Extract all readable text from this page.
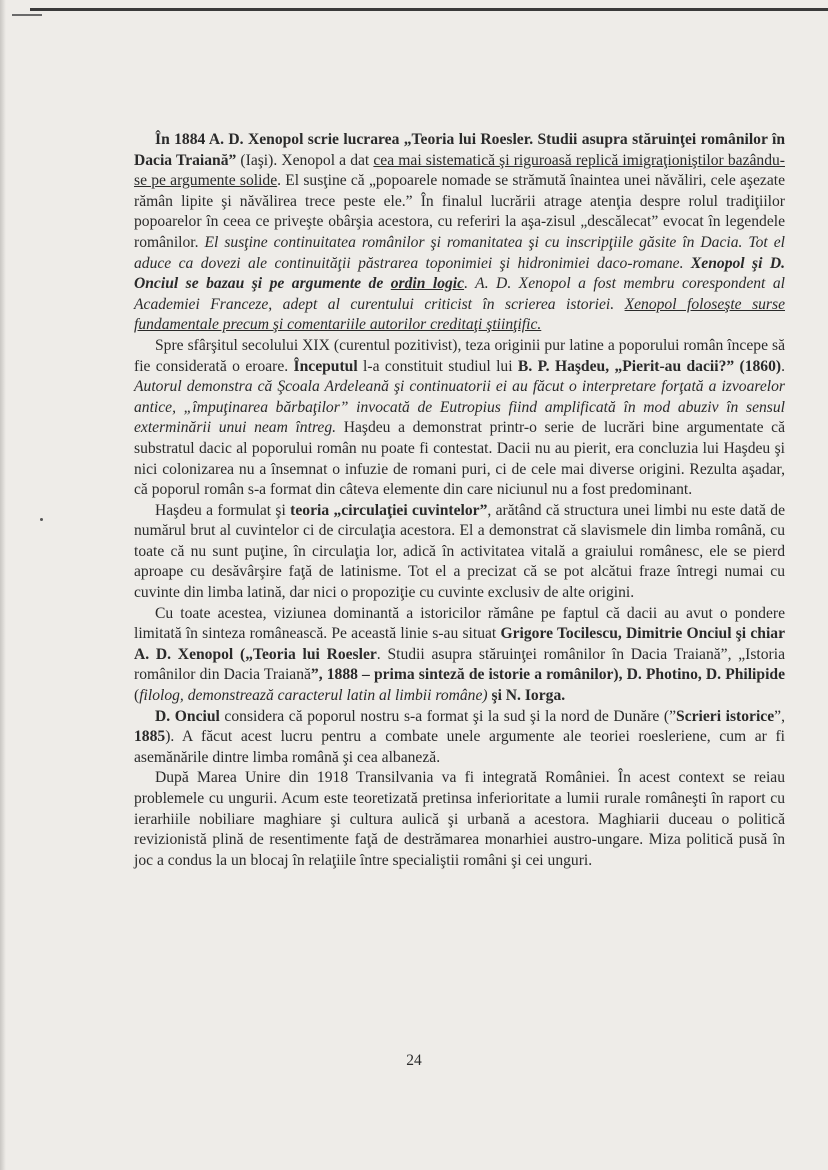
În 1884 A. D. Xenopol scrie lucrarea „Teoria lui Roesler. Studii asupra stăruinţei românilor în Dacia Traiană” (Iaşi). Xenopol a dat cea mai sistematică şi riguroasă replică imigraţioniştilor bazându-se pe argumente solide. El susţine că „popoarele nomade se strămută înaintea unei năvăliri, cele aşezate rămân lipite şi năvălirea trece peste ele.” În finalul lucrării atrage atenţia despre rolul tradiţiilor popoarelor în ceea ce priveşte obârşia acestora, cu referiri la aşa-zisul „descălecat” evocat în legendele românilor. El susţine continuitatea românilor şi romanitatea şi cu inscripţiile găsite în Dacia. Tot el aduce ca dovezi ale continuităţii păstrarea toponimiei şi hidronimiei daco-romane. Xenopol şi D. Onciul se bazau şi pe argumente de ordin logic. A. D. Xenopol a fost membru corespondent al Academiei Franceze, adept al curentului criticist în scrierea istoriei. Xenopol foloseşte surse fundamentale precum şi comentariile autorilor creditaţi ştiinţific.

Spre sfârşitul secolului XIX (curentul pozitivist), teza originii pur latine a poporului român începe să fie considerată o eroare. Începutul l-a constituit studiul lui B. P. Haşdeu, „Pierit-au dacii?” (1860). Autorul demonstra că Şcoala Ardeleană şi continuatorii ei au făcut o interpretare forţată a izvoarelor antice, „împuţinarea bărbaţilor” invocată de Eutropius fiind amplificată în mod abuziv în sensul exterminării unui neam întreg. Haşdeu a demonstrat printr-o serie de lucrări bine argumentate că substratul dacic al poporului român nu poate fi contestat. Dacii nu au pierit, era concluzia lui Haşdeu şi nici colonizarea nu a însemnat o infuzie de romani puri, ci de cele mai diverse origini. Rezulta aşadar, că poporul român s-a format din câteva elemente din care niciunul nu a fost predominant.

Haşdeu a formulat şi teoria „circulaţiei cuvintelor”, arătând că structura unei limbi nu este dată de numărul brut al cuvintelor ci de circulaţia acestora. El a demonstrat că slavismele din limba română, cu toate că nu sunt puţine, în circulaţia lor, adică în activitatea vitală a graiului românesc, ele se pierd aproape cu desăvârşire faţă de latinisme. Tot el a precizat că se pot alcătui fraze întregi numai cu cuvinte din limba latină, dar nici o propoziţie cu cuvinte exclusiv de alte origini.

Cu toate acestea, viziunea dominantă a istoricilor rămâne pe faptul că dacii au avut o pondere limitată în sinteza românească. Pe această linie s-au situat Grigore Tocilescu, Dimitrie Onciul şi chiar A. D. Xenopol („Teoria lui Roesler. Studii asupra stăruinţei românilor în Dacia Traiană”, „Istoria românilor din Dacia Traiană”, 1888 – prima sinteză de istorie a românilor), D. Photino, D. Philipide (filolog, demonstrează caracterul latin al limbii române) şi N. Iorga.

D. Onciul considera că poporul nostru s-a format şi la sud şi la nord de Dunăre (”Scrieri istorice”, 1885). A făcut acest lucru pentru a combate unele argumente ale teoriei roesleriene, cum ar fi asemănările dintre limba română şi cea albaneză.

După Marea Unire din 1918 Transilvania va fi integrată României. În acest context se reiau problemele cu ungurii. Acum este teoretizată pretinsa inferioritate a lumii rurale româneşti în raport cu ierarhiile nobiliare maghiare şi cultura aulică şi urbană a acestora. Maghiarii duceau o politică revizionistă plină de resentimente faţă de destrămarea monarhiei austro-ungare. Miza politică pusă în joc a condus la un blocaj în relaţiile între specialiştii români şi cei unguri.

24
